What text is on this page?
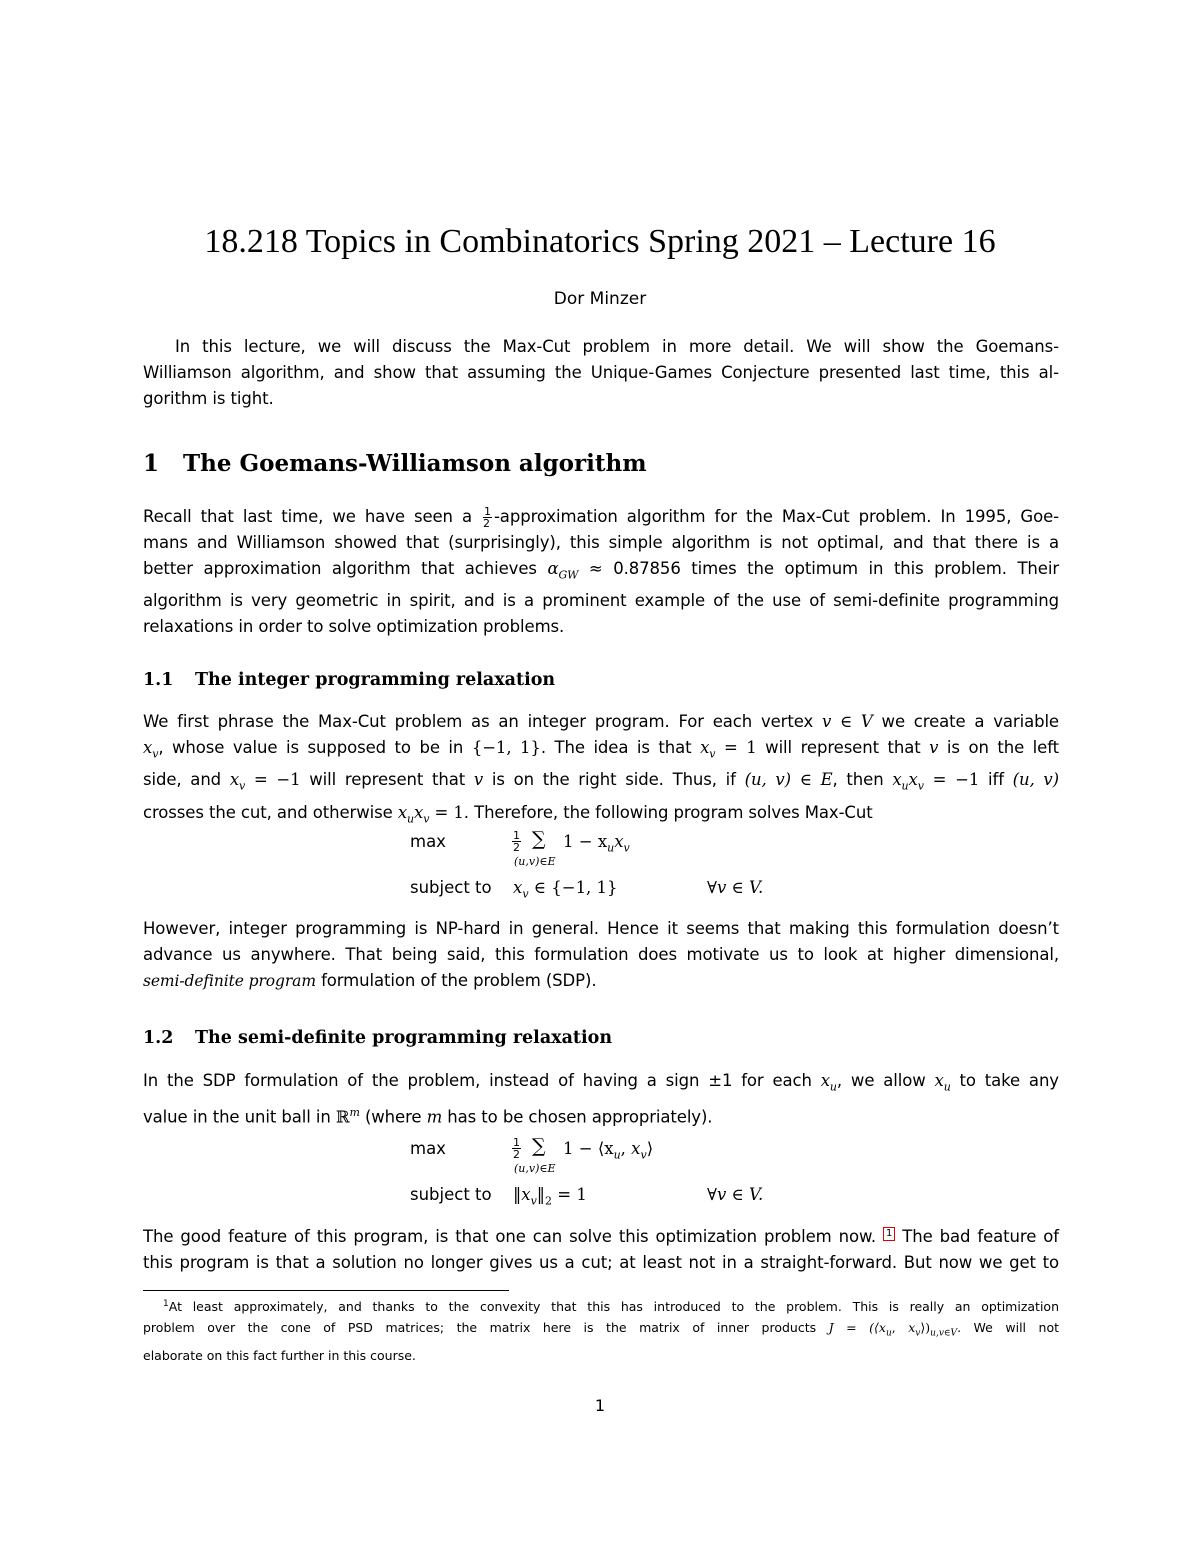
18.218 Topics in Combinatorics Spring 2021 – Lecture 16
Dor Minzer
In this lecture, we will discuss the Max-Cut problem in more detail. We will show the Goemans-
Williamson algorithm, and show that assuming the Unique-Games Conjecture presented last time, this al-
gorithm is tight.
1 The Goemans-Williamson algorithm
Recall that last time, we have seen a $\frac{1}{2}$ -approximation algorithm for the Max-Cut problem. In 1995, Goe-
mans and Williamson showed that (surprisingly), this simple algorithm is not optimal, and that there is a
better approximation algorithm that achieves $\alpha_{GW} \approx 0.87856$ times the optimum in this problem. Their
algorithm is very geometric in spirit, and is a prominent example of the use of semi-definite programming
relaxations in order to solve optimization problems.
1.1 The integer programming relaxation
We first phrase the Max-Cut problem as an integer program. For each vertex v ∈ V we create a variable
$x_v$, whose value is supposed to be in {−1, 1}. The idea is that $x_v = 1$ will represent that v is on the left
side, and $x_v = -1$ will represent that v is on the right side. Thus, if (u, v) ∈ E, then $x_ux_v = -1$ iff (u, v)
crosses the cut, and otherwise $x_ux_v = 1$. Therefore, the following program solves Max-Cut
max	$\frac{1}{2}$ ∑
(u,v)∈E
$1 - x_ux_v$
subject to $x_v$ ∈ {−1, 1}	∀v ∈ V.
However, integer programming is NP-hard in general. Hence it seems that making this formulation doesn’t
advance us anywhere. That being said, this formulation does motivate us to look at higher dimensional,
semi-definite program formulation of the problem (SDP).
1.2 The semi-definite programming relaxation
In the SDP formulation of the problem, instead of having a sign ±1 for each $x_u$, we allow $x_u$ to take any
value in the unit ball in ℝ$^m$ (where m has to be chosen appropriately).
max	$\frac{1}{2}$ ∑
(u,v)∈E
$1 - ⟨x_u$, $x_v⟩$
subject to $‖x_v‖_2 = 1$	∀v ∈ V.
The good feature of this program, is that one can solve this optimization problem now. 1 The bad feature of
this program is that a solution no longer gives us a cut; at least not in a straight-forward. But now we get to
$^1$At least approximately, and thanks to the convexity that this has introduced to the problem. This is really an optimization
problem over the cone of PSD matrices; the matrix here is the matrix of inner products $J = (⟨x_u$, $x_v⟩)_{u,v\in V}$. We will not
elaborate on this fact further in this course.
1
